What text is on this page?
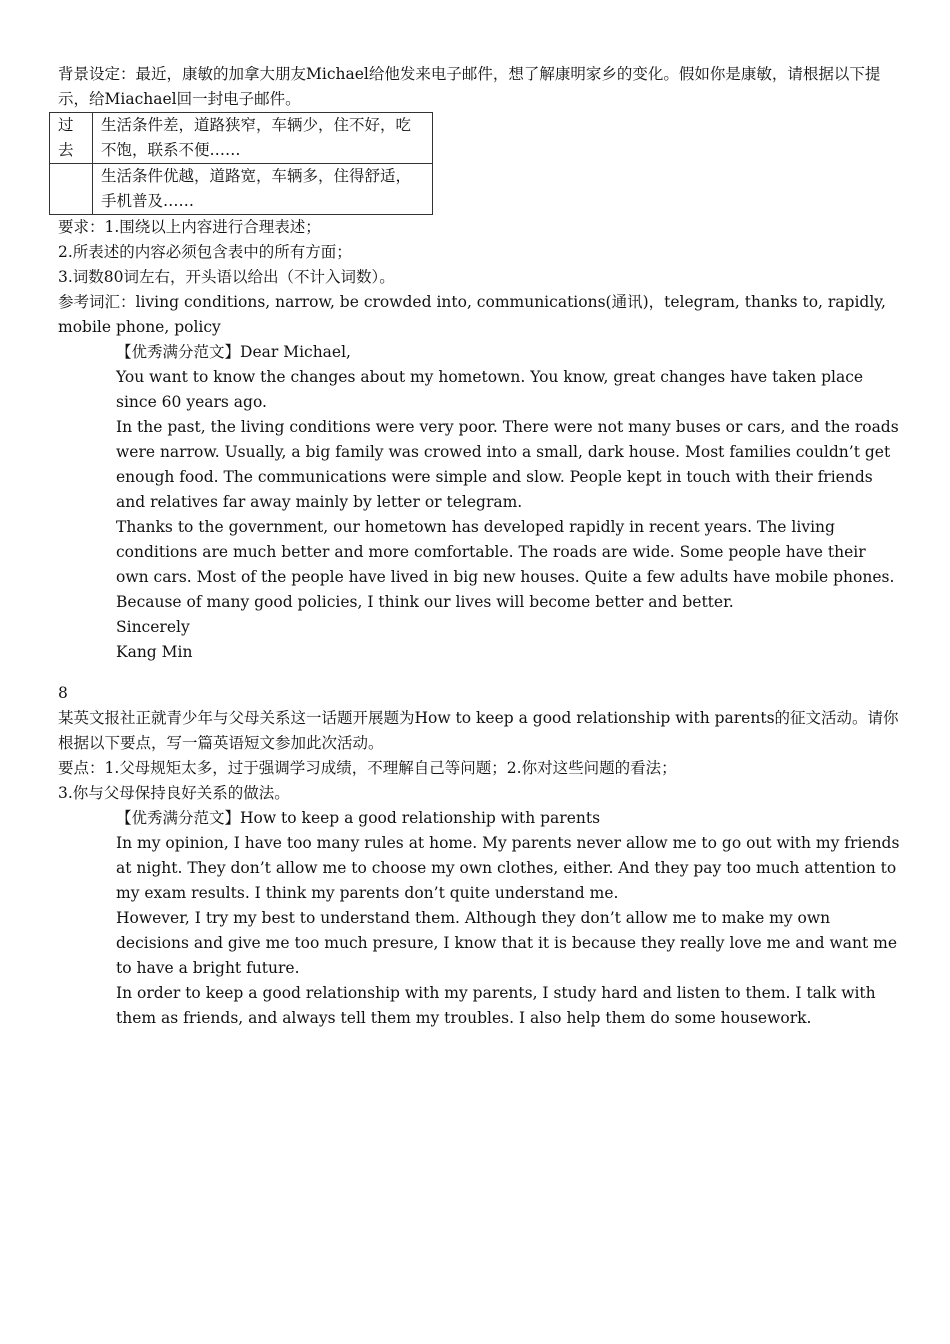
背景设定：最近，康敏的加拿大朋友Michael给他发来电子邮件，想了解康明家乡的变化。假如你是康敏，请根据以下提示，给Miachael回一封电子邮件。

过去	生活条件差，道路狭窄，车辆少，住不好，吃不饱，联系不便……
	生活条件优越，道路宽，车辆多，住得舒适，手机普及……

要求：1.围绕以上内容进行合理表述；

2.所表述的内容必须包含表中的所有方面；

3.词数80词左右，开头语以给出（不计入词数）。

参考词汇：living conditions, narrow, be crowded into, communications(通讯)，telegram, thanks to, rapidly, mobile phone, policy

【优秀满分范文】Dear Michael,

You want to know the changes about my hometown. You know, great changes have taken place since 60 years ago.

In the past, the living conditions were very poor. There were not many buses or cars, and the roads were narrow. Usually, a big family was crowed into a small, dark house. Most families couldn’t get enough food. The communications were simple and slow. People kept in touch with their friends and relatives far away mainly by letter or telegram.

Thanks to the government, our hometown has developed rapidly in recent years. The living conditions are much better and more comfortable. The roads are wide. Some people have their own cars. Most of the people have lived in big new houses. Quite a few adults have mobile phones. Because of many good policies, I think our lives will become better and better.

Sincerely

Kang Min

8

某英文报社正就青少年与父母关系这一话题开展题为How to keep a good relationship with parents的征文活动。请你根据以下要点，写一篇英语短文参加此次活动。

要点：1.父母规矩太多，过于强调学习成绩，不理解自己等问题；2.你对这些问题的看法；

3.你与父母保持良好关系的做法。

【优秀满分范文】How to keep a good relationship with parents

In my opinion, I have too many rules at home. My parents never allow me to go out with my friends at night. They don’t allow me to choose my own clothes, either. And they pay too much attention to my exam results. I think my parents don’t quite understand me.

However, I try my best to understand them. Although they don’t allow me to make my own decisions and give me too much presure, I know that it is because they really love me and want me to have a bright future.

In order to keep a good relationship with my parents, I study hard and listen to them. I talk with them as friends, and always tell them my troubles. I also help them do some housework.
